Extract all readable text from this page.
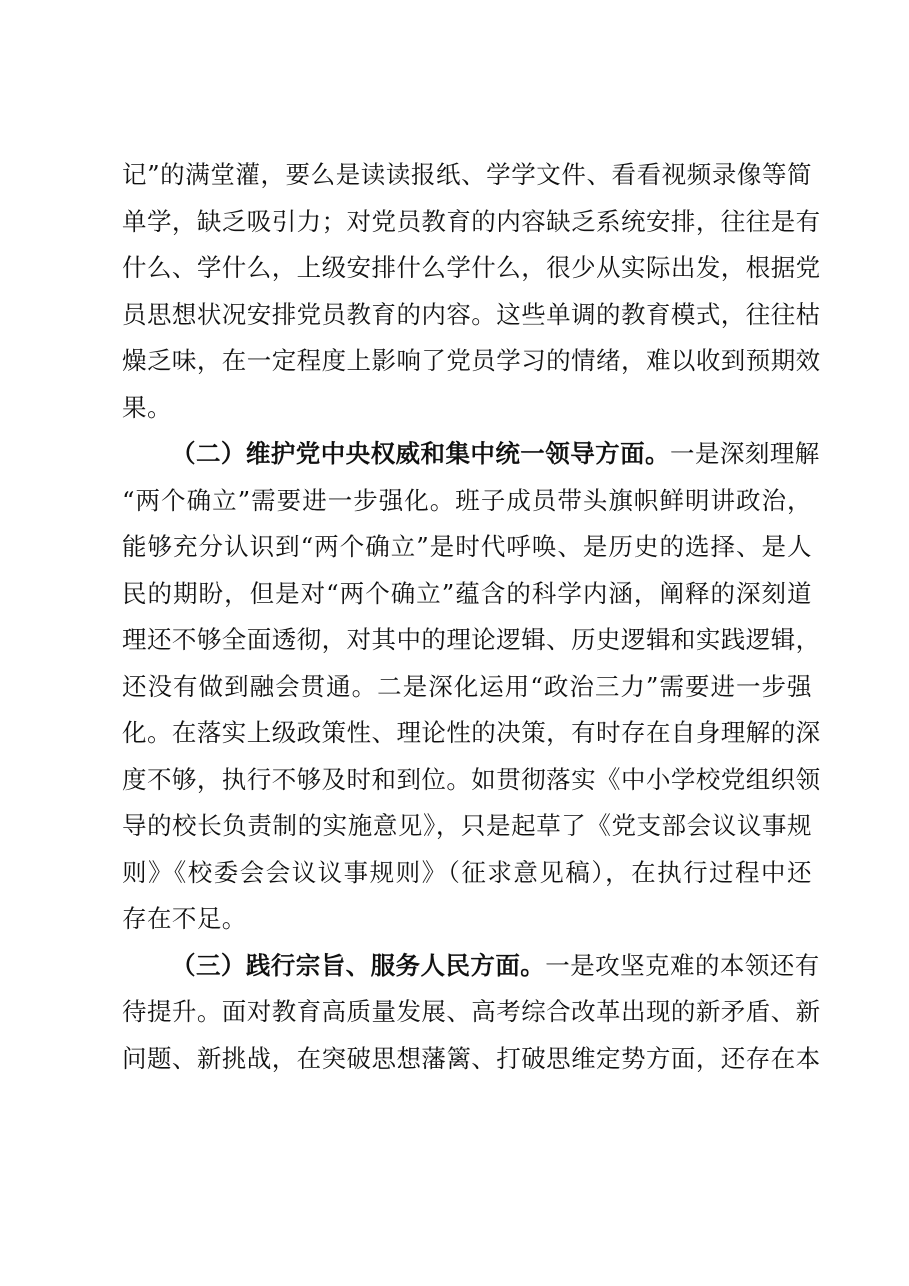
记”的满堂灌，要么是读读报纸、学学文件、看看视频录像等简
单学，缺乏吸引力；对党员教育的内容缺乏系统安排，往往是有
什么、学什么，上级安排什么学什么，很少从实际出发，根据党
员思想状况安排党员教育的内容。这些单调的教育模式，往往枯
燥乏味，在一定程度上影响了党员学习的情绪，难以收到预期效
果。
（二）维护党中央权威和集中统一领导方面。一是深刻理解
“两个确立”需要进一步强化。班子成员带头旗帜鲜明讲政治，
能够充分认识到“两个确立”是时代呼唤、是历史的选择、是人
民的期盼，但是对“两个确立”蕴含的科学内涵，阐释的深刻道
理还不够全面透彻，对其中的理论逻辑、历史逻辑和实践逻辑，
还没有做到融会贯通。二是深化运用“政治三力”需要进一步强
化。在落实上级政策性、理论性的决策，有时存在自身理解的深
度不够，执行不够及时和到位。如贯彻落实《中小学校党组织领
导的校长负责制的实施意见》，只是起草了《党支部会议议事规
则》《校委会会议议事规则》（征求意见稿），在执行过程中还
存在不足。
（三）践行宗旨、服务人民方面。一是攻坚克难的本领还有
待提升。面对教育高质量发展、高考综合改革出现的新矛盾、新
问题、新挑战，在突破思想藩篱、打破思维定势方面，还存在本
